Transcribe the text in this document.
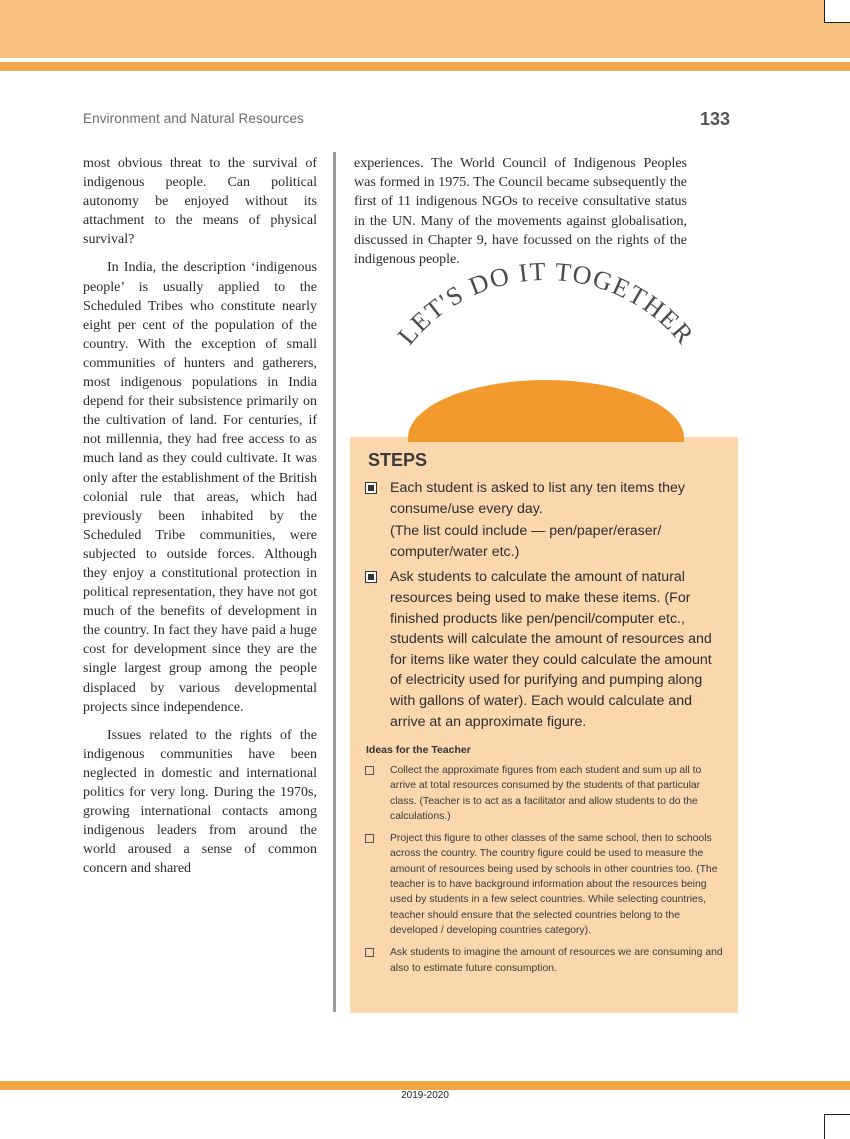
Environment and Natural Resources	133

most obvious threat to the survival of indigenous people. Can political autonomy be enjoyed without its attachment to the means of physical survival?

In India, the description ‘indigenous people’ is usually applied to the Scheduled Tribes who constitute nearly eight per cent of the population of the country. With the exception of small communities of hunters and gatherers, most indigenous populations in India depend for their subsistence primarily on the cultivation of land. For centuries, if not millennia, they had free access to as much land as they could cultivate. It was only after the establishment of the British colonial rule that areas, which had previously been inhabited by the Scheduled Tribe communities, were subjected to outside forces. Although they enjoy a constitutional protection in political representation, they have not got much of the benefits of development in the country. In fact they have paid a huge cost for development since they are the single largest group among the people displaced by various developmental projects since independence.

Issues related to the rights of the indigenous communities have been neglected in domestic and international politics for very long. During the 1970s, growing international contacts among indigenous leaders from around the world aroused a sense of common concern and shared

experiences. The World Council of Indigenous Peoples was formed in 1975. The Council became subsequently the first of 11 indigenous NGOs to receive consultative status in the UN. Many of the movements against globalisation, discussed in Chapter 9, have focussed on the rights of the indigenous people.

LET'S DO IT TOGETHER
STEPS

Each student is asked to list any ten items they consume/use every day.

(The list could include — pen/paper/eraser/ computer/water etc.)

Ask students to calculate the amount of natural resources being used to make these items. (For finished products like pen/pencil/computer etc., students will calculate the amount of resources and for items like water they could calculate the amount of electricity used for purifying and pumping along with gallons of water). Each would calculate and arrive at an approximate figure.

Ideas for the Teacher
Collect the approximate figures from each student and sum up all to arrive at total resources consumed by the students of that particular class. (Teacher is to act as a facilitator and allow students to do the calculations.)
Project this figure to other classes of the same school, then to schools across the country. The country figure could be used to measure the amount of resources being used by schools in other countries too. (The teacher is to have background information about the resources being used by students in a few select countries. While selecting countries, teacher should ensure that the selected countries belong to the developed / developing countries category).
Ask students to imagine the amount of resources we are consuming and also to estimate future consumption.
2019-2020
